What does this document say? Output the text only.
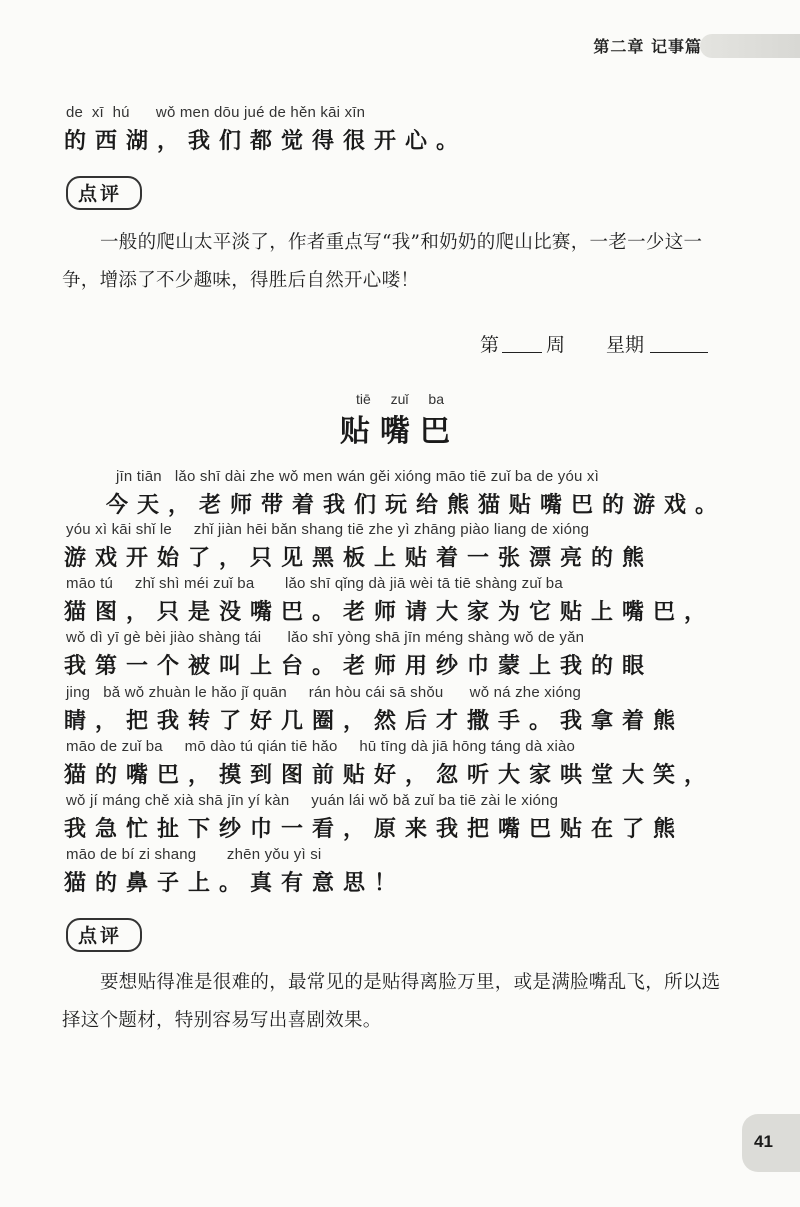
第二章 记事篇
de  xī  hú      wǒ men dōu jué de hěn kāi xīn
的西湖，我们都觉得很开心。
点评
一般的爬山太平淡了，作者重点写“我”和奶奶的爬山比赛，一老一少这一争，增添了不少趣味，得胜后自然开心喽！
第 周 星期
tiē zuǐ ba
贴嘴巴
jīn tiān   lǎo shī dài zhe wǒ men wán gěi xióng māo tiē zuǐ ba de yóu xì
今天，老师带着我们玩给熊猫贴嘴巴的游戏。
yóu xì kāi shǐ le     zhǐ jiàn hēi bǎn shang tiē zhe yì zhāng piào liang de xióng
游戏开始了，只见黑板上贴着一张漂亮的熊
māo tú     zhǐ shì méi zuǐ ba       lǎo shī qǐng dà jiā wèi tā tiē shàng zuǐ ba
猫图，只是没嘴巴。老师请大家为它贴上嘴巴，
wǒ dì yī gè bèi jiào shàng tái      lǎo shī yòng shā jīn méng shàng wǒ de yǎn
我第一个被叫上台。老师用纱巾蒙上我的眼
jing   bǎ wǒ zhuàn le hǎo jǐ quān     rán hòu cái sā shǒu      wǒ ná zhe xióng
睛，把我转了好几圈，然后才撒手。我拿着熊
māo de zuǐ ba     mō dào tú qián tiē hǎo     hū tīng dà jiā hōng táng dà xiào
猫的嘴巴，摸到图前贴好，忽听大家哄堂大笑，
wǒ jí máng chě xià shā jīn yí kàn     yuán lái wǒ bǎ zuǐ ba tiē zài le xióng
我急忙扯下纱巾一看，原来我把嘴巴贴在了熊
māo de bí zi shang       zhēn yǒu yì si
猫的鼻子上。真有意思！
点评
要想贴得准是很难的，最常见的是贴得离脸万里，或是满脸嘴乱飞，所以选择这个题材，特别容易写出喜剧效果。
41
